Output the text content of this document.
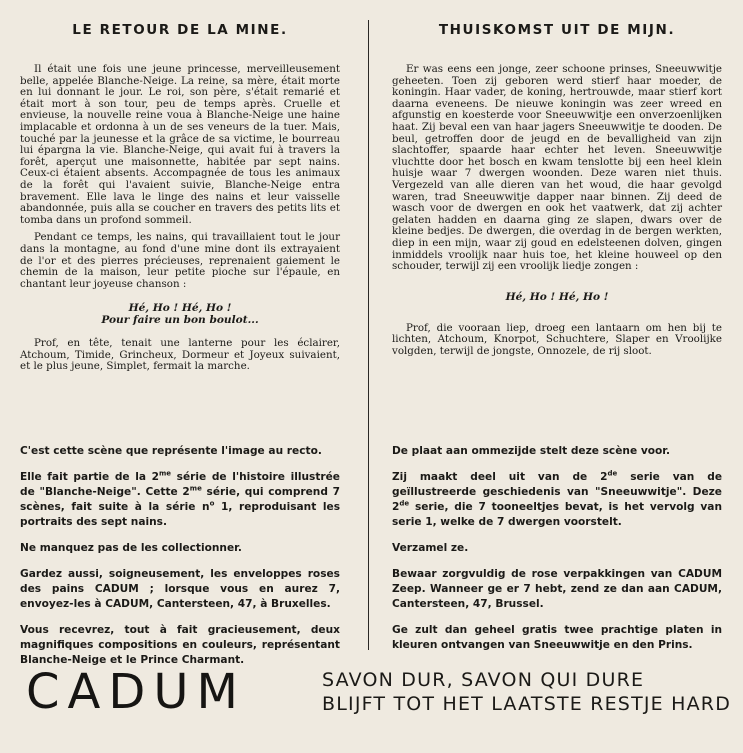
LE RETOUR DE LA MINE.

Il était une fois une jeune princesse, merveilleusement belle, appelée Blanche-Neige. La reine, sa mère, était morte en lui donnant le jour. Le roi, son père, s'était remarié et était mort à son tour, peu de temps après. Cruelle et envieuse, la nouvelle reine voua à Blanche-Neige une haine implacable et ordonna à un de ses veneurs de la tuer. Mais, touché par la jeunesse et la grâce de sa victime, le bourreau lui épargna la vie. Blanche-Neige, qui avait fui à travers la forêt, aperçut une maisonnette, habitée par sept nains. Ceux-ci étaient absents. Accompagnée de tous les animaux de la forêt qui l'avaient suivie, Blanche-Neige entra bravement. Elle lava le linge des nains et leur vaisselle abandonnée, puis alla se coucher en travers des petits lits et tomba dans un profond sommeil.

Pendant ce temps, les nains, qui travaillaient tout le jour dans la montagne, au fond d'une mine dont ils extrayaient de l'or et des pierres précieuses, reprenaient gaiement le chemin de la maison, leur petite pioche sur l'épaule, en chantant leur joyeuse chanson :

Hé, Ho ! Hé, Ho !
Pour faire un bon boulot...

Prof, en tête, tenait une lanterne pour les éclairer, Atchoum, Timide, Grincheux, Dormeur et Joyeux suivaient, et le plus jeune, Simplet, fermait la marche.

THUISKOMST UIT DE MIJN.

Er was eens een jonge, zeer schoone prinses, Sneeuwwitje geheeten. Toen zij geboren werd stierf haar moeder, de koningin. Haar vader, de koning, hertrouwde, maar stierf kort daarna eveneens. De nieuwe koningin was zeer wreed en afgunstig en koesterde voor Sneeuwwitje een onverzoenlijken haat. Zij beval een van haar jagers Sneeuwwitje te dooden. De beul, getroffen door de jeugd en de bevalligheid van zijn slachtoffer, spaarde haar echter het leven. Sneeuwwitje vluchtte door het bosch en kwam tenslotte bij een heel klein huisje waar 7 dwergen woonden. Deze waren niet thuis. Vergezeld van alle dieren van het woud, die haar gevolgd waren, trad Sneeuwwitje dapper naar binnen. Zij deed de wasch voor de dwergen en ook het vaatwerk, dat zij achter gelaten hadden en daarna ging ze slapen, dwars over de kleine bedjes. De dwergen, die overdag in de bergen werkten, diep in een mijn, waar zij goud en edelsteenen dolven, gingen inmiddels vroolijk naar huis toe, het kleine houweel op den schouder, terwijl zij een vroolijk liedje zongen :

Hé, Ho ! Hé, Ho !

Prof, die vooraan liep, droeg een lantaarn om hen bij te lichten, Atchoum, Knorpot, Schuchtere, Slaper en Vroolijke volgden, terwijl de jongste, Onnozele, de rij sloot.

C'est cette scène que représente l'image au recto.

Elle fait partie de la $2^{me}$ série de l'histoire illustrée de "Blanche-Neige". Cette $2^{me}$ série, qui comprend 7 scènes, fait suite à la série $n^o$ 1, reproduisant les portraits des sept nains.

Ne manquez pas de les collectionner.

Gardez aussi, soigneusement, les enveloppes roses des pains CADUM ; lorsque vous en aurez 7, envoyez-les à CADUM, Cantersteen, 47, à Bruxelles.

Vous recevrez, tout à fait gracieusement, deux magnifiques compositions en couleurs, représentant Blanche-Neige et le Prince Charmant.

De plaat aan ommezijde stelt deze scène voor.

Zij maakt deel uit van de 2de serie van de geïllustreerde geschiedenis van "Sneeuwwitje". Deze 2de serie, die 7 tooneeltjes bevat, is het vervolg van serie 1, welke de 7 dwergen voorstelt.

Verzamel ze.

Bewaar zorgvuldig de rose verpakkingen van CADUM Zeep. Wanneer ge er 7 hebt, zend ze dan aan CADUM, Cantersteen, 47, Brussel.

Ge zult dan geheel gratis twee prachtige platen in kleuren ontvangen van Sneeuwwitje en den Prins.

CADUM	SAVON DUR, SAVON QUI DURE
BLIJFT TOT HET LAATSTE RESTJE HARD
